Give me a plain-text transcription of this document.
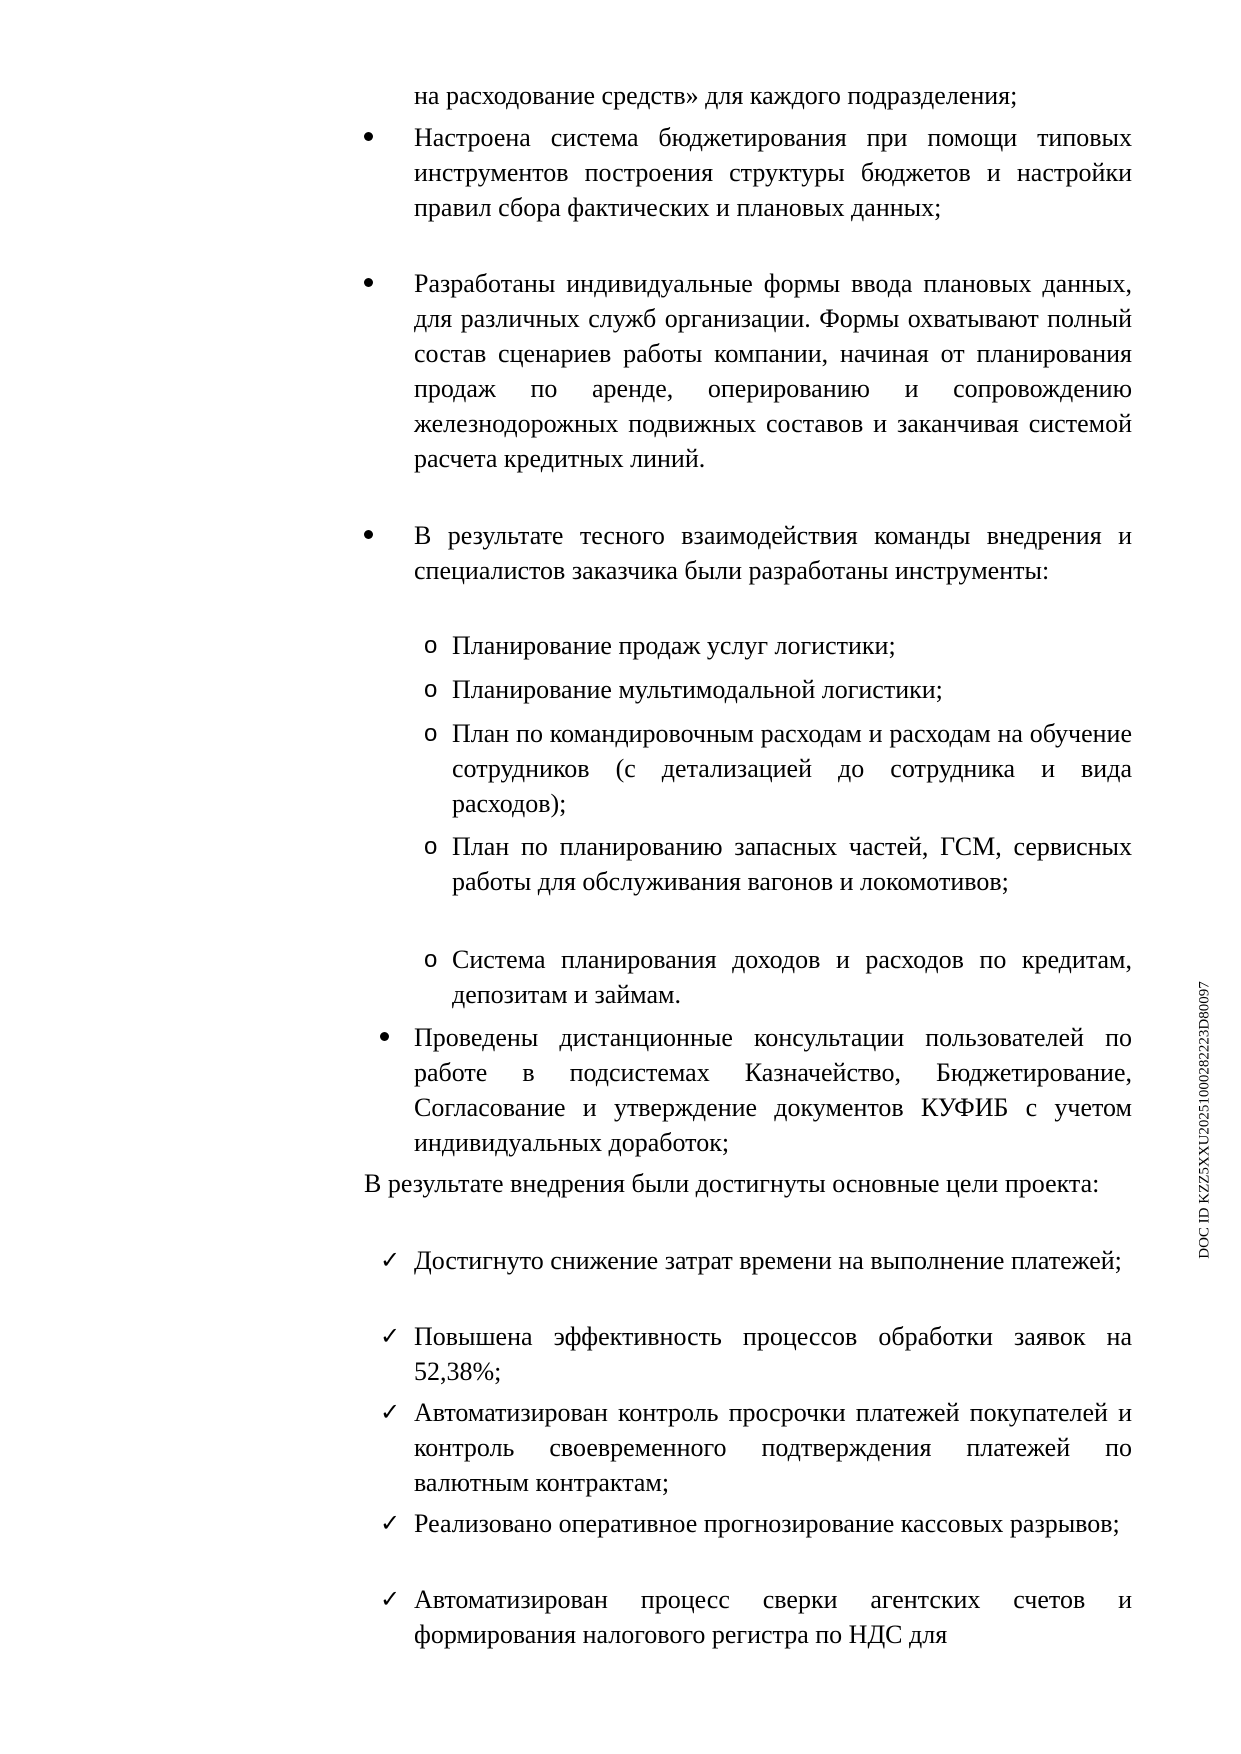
на расходование средств» для каждого подразделения;

Настроена система бюджетирования при помощи типовых инструментов построения структуры бюджетов и настройки правил сбора фактических и плановых данных;

Разработаны индивидуальные формы ввода плановых данных, для различных служб организации. Формы охватывают полный состав сценариев работы компании, начиная от планирования продаж по аренде, оперированию и сопровождению железнодорожных подвижных составов и заканчивая системой расчета кредитных линий.

В результате тесного взаимодействия команды внедрения и специалистов заказчика были разработаны инструменты:

o Планирование продаж услуг логистики;

o Планирование мультимодальной логистики;

o План по командировочным расходам и расходам на обучение сотрудников (с детализацией до сотрудника и вида расходов);

o План по планированию запасных частей, ГСМ, сервисных работы для обслуживания вагонов и локомотивов;

o Система планирования доходов и расходов по кредитам, депозитам и займам.

Проведены дистанционные консультации пользователей по работе в подсистемах Казначейство, Бюджетирование, Согласование и утверждение документов КУФИБ с учетом индивидуальных доработок;

В результате внедрения были достигнуты основные цели проекта:

✓ Достигнуто снижение затрат времени на выполнение платежей;

✓ Повышена эффективность процессов обработки заявок на 52,38%;

✓ Автоматизирован контроль просрочки платежей покупателей и контроль своевременного подтверждения платежей по валютным контрактам;

✓ Реализовано оперативное прогнозирование кассовых разрывов;

✓ Автоматизирован процесс сверки агентских счетов и формирования налогового регистра по НДС для

DOC ID KZZ5XXU20251000282223D80097
